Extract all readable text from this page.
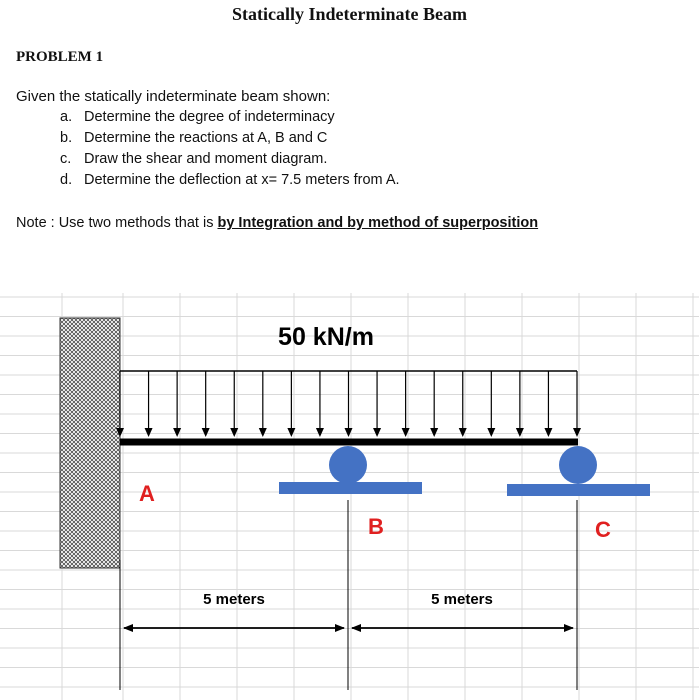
Statically Indeterminate Beam
PROBLEM 1
Given the statically indeterminate beam shown:
a. Determine the degree of indeterminacy
b. Determine the reactions at A, B and C
c. Draw the shear and moment diagram.
d. Determine the deflection at x= 7.5 meters from A.
Note : Use two methods that is by Integration and by method of superposition
50 kN/m
A
B	C
5 meters	5 meters
